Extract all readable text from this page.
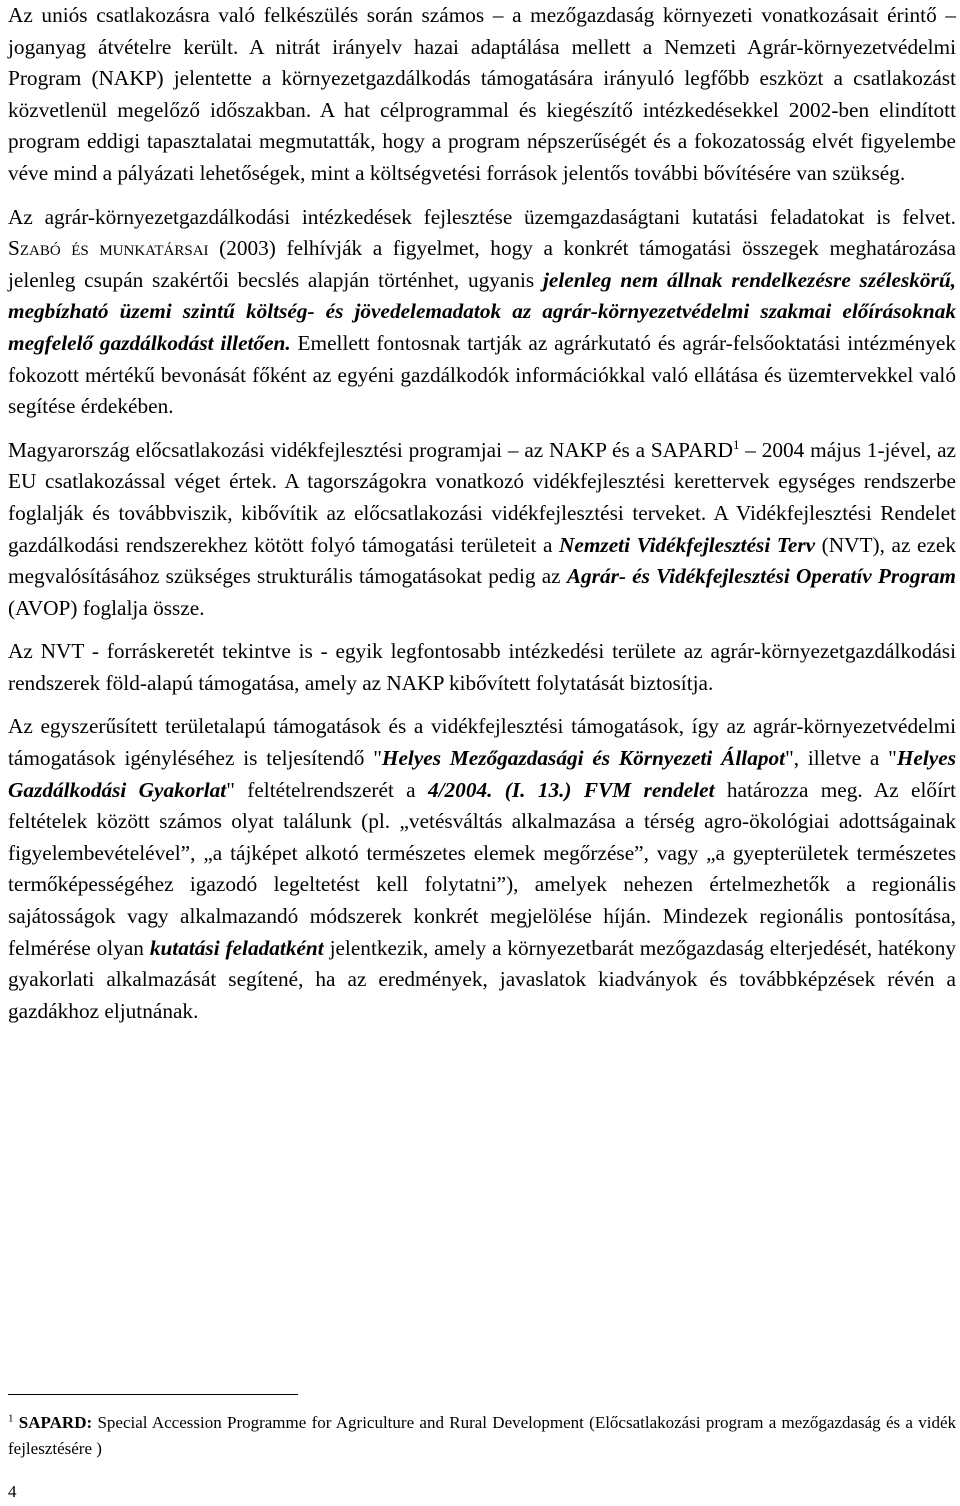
Az uniós csatlakozásra való felkészülés során számos – a mezőgazdaság környezeti vonatkozásait érintő – joganyag átvételre került. A nitrát irányelv hazai adaptálása mellett a Nemzeti Agrár-környezetvédelmi Program (NAKP) jelentette a környezetgazdálkodás támogatására irányuló legfőbb eszközt a csatlakozást közvetlenül megelőző időszakban. A hat célprogrammal és kiegészítő intézkedésekkel 2002-ben elindított program eddigi tapasztalatai megmutatták, hogy a program népszerűségét és a fokozatosság elvét figyelembe véve mind a pályázati lehetőségek, mint a költségvetési források jelentős további bővítésére van szükség.

Az agrár-környezetgazdálkodási intézkedések fejlesztése üzemgazdaságtani kutatási feladatokat is felvet. Szabó és munkatársai (2003) felhívják a figyelmet, hogy a konkrét támogatási összegek meghatározása jelenleg csupán szakértői becslés alapján történhet, ugyanis jelenleg nem állnak rendelkezésre széleskörű, megbízható üzemi szintű költség- és jövedelemadatok az agrár-környezetvédelmi szakmai előírásoknak megfelelő gazdálkodást illetően. Emellett fontosnak tartják az agrárkutató és agrár-felsőoktatási intézmények fokozott mértékű bevonását főként az egyéni gazdálkodók információkkal való ellátása és üzemtervekkel való segítése érdekében.

Magyarország előcsatlakozási vidékfejlesztési programjai – az NAKP és a SAPARD$^1$ – 2004 május 1-jével, az EU csatlakozással véget értek. A tagországokra vonatkozó vidékfejlesztési kerettervek egységes rendszerbe foglalják és továbbviszik, kibővítik az előcsatlakozási vidékfejlesztési terveket. A Vidékfejlesztési Rendelet gazdálkodási rendszerekhez kötött folyó támogatási területeit a Nemzeti Vidékfejlesztési Terv (NVT), az ezek megvalósításához szükséges strukturális támogatásokat pedig az Agrár- és Vidékfejlesztési Operatív Program (AVOP) foglalja össze.

Az NVT - forráskeretét tekintve is - egyik legfontosabb intézkedési területe az agrár-környezetgazdálkodási rendszerek föld-alapú támogatása, amely az NAKP kibővített folytatását biztosítja.

Az egyszerűsített területalapú támogatások és a vidékfejlesztési támogatások, így az agrár-környezetvédelmi támogatások igényléséhez is teljesítendő "Helyes Mezőgazdasági és Környezeti Állapot", illetve a "Helyes Gazdálkodási Gyakorlat" feltételrendszerét a 4/2004. (I. 13.) FVM rendelet határozza meg. Az előírt feltételek között számos olyat találunk (pl. „vetésváltás alkalmazása a térség agro-ökológiai adottságainak figyelembevételével”, „a tájképet alkotó természetes elemek megőrzése”, vagy „a gyepterületek természetes termőképességéhez igazodó legeltetést kell folytatni”), amelyek nehezen értelmezhetők a regionális sajátosságok vagy alkalmazandó módszerek konkrét megjelölése híján. Mindezek regionális pontosítása, felmérése olyan kutatási feladatként jelentkezik, amely a környezetbarát mezőgazdaság elterjedését, hatékony gyakorlati alkalmazását segítené, ha az eredmények, javaslatok kiadványok és továbbképzések révén a gazdákhoz eljutnának.

$^1$ SAPARD: Special Accession Programme for Agriculture and Rural Development (Előcsatlakozási program a mezőgazdaság és a vidék fejlesztésére )
4
